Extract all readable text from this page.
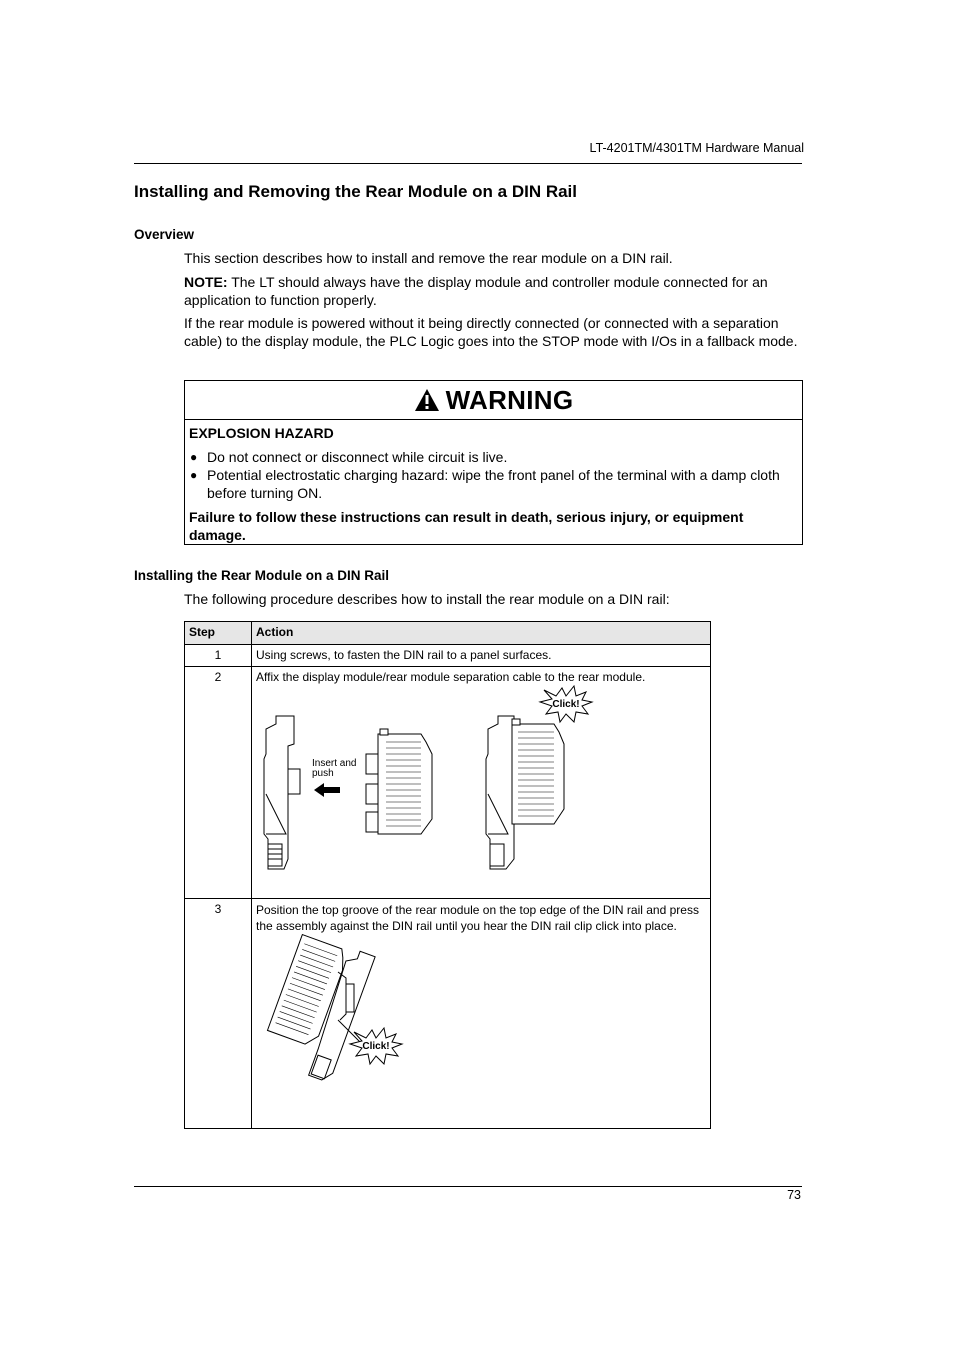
LT-4201TM/4301TM Hardware Manual
Installing and Removing the Rear Module on a DIN Rail
Overview
This section describes how to install and remove the rear module on a DIN rail.
NOTE: The LT should always have the display module and controller module connected for an application to function properly.
If the rear module is powered without it being directly connected (or connected with a separation cable) to the display module, the PLC Logic goes into the STOP mode with I/Os in a fallback mode.
WARNING
EXPLOSION HAZARD
● Do not connect or disconnect while circuit is live.
● Potential electrostatic charging hazard: wipe the front panel of the terminal with a damp cloth before turning ON.
Failure to follow these instructions can result in death, serious injury, or equipment damage.
Installing the Rear Module on a DIN Rail
The following procedure describes how to install the rear module on a DIN rail:
Step	Action
1	Using screws, to fasten the DIN rail to a panel surfaces.
2	Affix the display module/rear module separation cable to the rear module.
Insert and
push
Click!

3	Position the top groove of the rear module on the top edge of the DIN rail and press the assembly against the DIN rail until you hear the DIN rail clip click into place.
Click!
73
